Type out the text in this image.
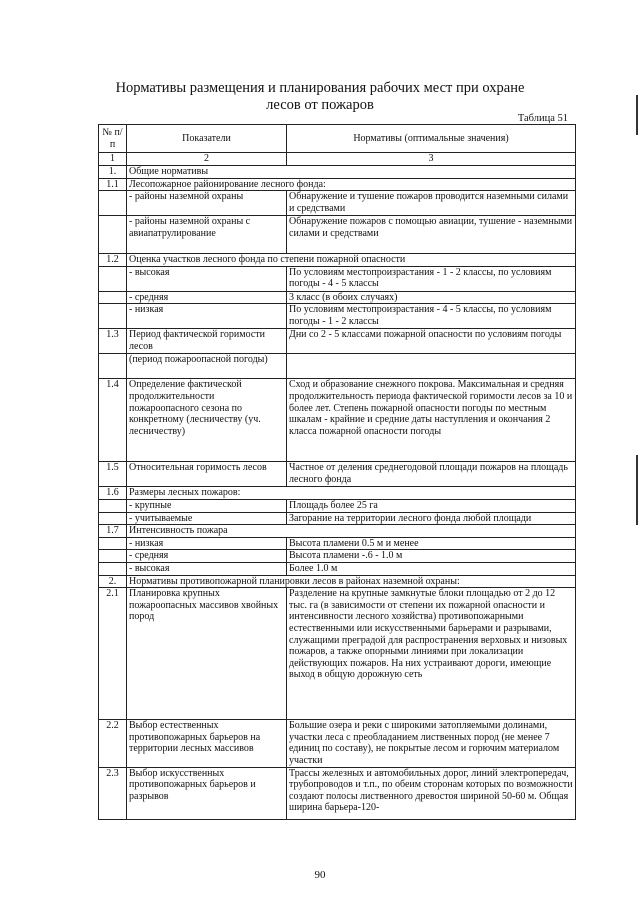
Нормативы размещения и планирования рабочих мест при охране
лесов от пожаров
Таблица 51
№ п/п	Показатели	Нормативы (оптимальные значения)
1	2	3
1.	Общие нормативы	
1.1	Лесопожарное районирование лесного фонда:	
	- районы наземной охраны	Обнаружение и тушение пожаров проводится наземными силами и средствами
	- районы наземной охраны с авиапатрулирование	Обнаружение пожаров с помощью авиации, тушение - наземными силами и средствами
1.2	Оценка участков лесного фонда по степени пожарной опасности	
	- высокая	По условиям местопроизрастания - 1 - 2 классы, по условиям погоды - 4 - 5 классы
	- средняя	3 класс (в обоих случаях)
	- низкая	По условиям местопроизрастания - 4 - 5 классы, по условиям погоды - 1 - 2 классы
1.3	Период фактической горимости лесов	Дни со 2 - 5 классами пожарной опасности по условиям погоды
	(период пожароопасной погоды)	
1.4	Определение фактической продолжительности пожароопасного сезона по конкретному (лесничеству (уч. лесничеству)	Сход и образование снежного покрова. Максимальная и средняя продолжительность периода фактической горимости лесов за 10 и более лет. Степень пожарной опасности погоды по местным шкалам - крайние и средние даты наступления и окончания 2 класса пожарной опасности погоды
1.5	Относительная горимость лесов	Частное от деления среднегодовой площади пожаров на площадь лесного фонда
1.6	Размеры лесных пожаров:	
	- крупные	Площадь более 25 га
	- учитываемые	Загорание на территории лесного фонда любой площади
1.7	Интенсивность пожара	
	- низкая	Высота пламени 0.5 м и менее
	- средняя	Высота пламени -.6 - 1.0 м
	- высокая	Более 1.0 м
2.	Нормативы противопожарной планировки лесов в районах наземной охраны:	
2.1	Планировка крупных пожароопасных массивов хвойных пород	Разделение на крупные замкнутые блоки площадью от 2 до 12 тыс. га (в зависимости от степени их пожарной опасности и интенсивности лесного хозяйства) противопожарными естественными или искусственными барьерами и разрывами, служащими преградой для распространения верховых и низовых пожаров, а также опорными линиями при локализации действующих пожаров. На них устраивают дороги, имеющие выход в общую дорожную сеть
2.2	Выбор естественных противопожарных барьеров на территории лесных массивов	Большие озера и реки с широкими затопляемыми долинами, участки леса с преобладанием лиственных пород (не менее 7 единиц по составу), не покрытые лесом и горючим материалом участки
2.3	Выбор искусственных противопожарных барьеров и разрывов	Трассы железных и автомобильных дорог, линий электропередач, трубопроводов и т.п., по обеим сторонам которых по возможности создают полосы лиственного древостоя шириной 50-60 м. Общая ширина барьера-120-
90
